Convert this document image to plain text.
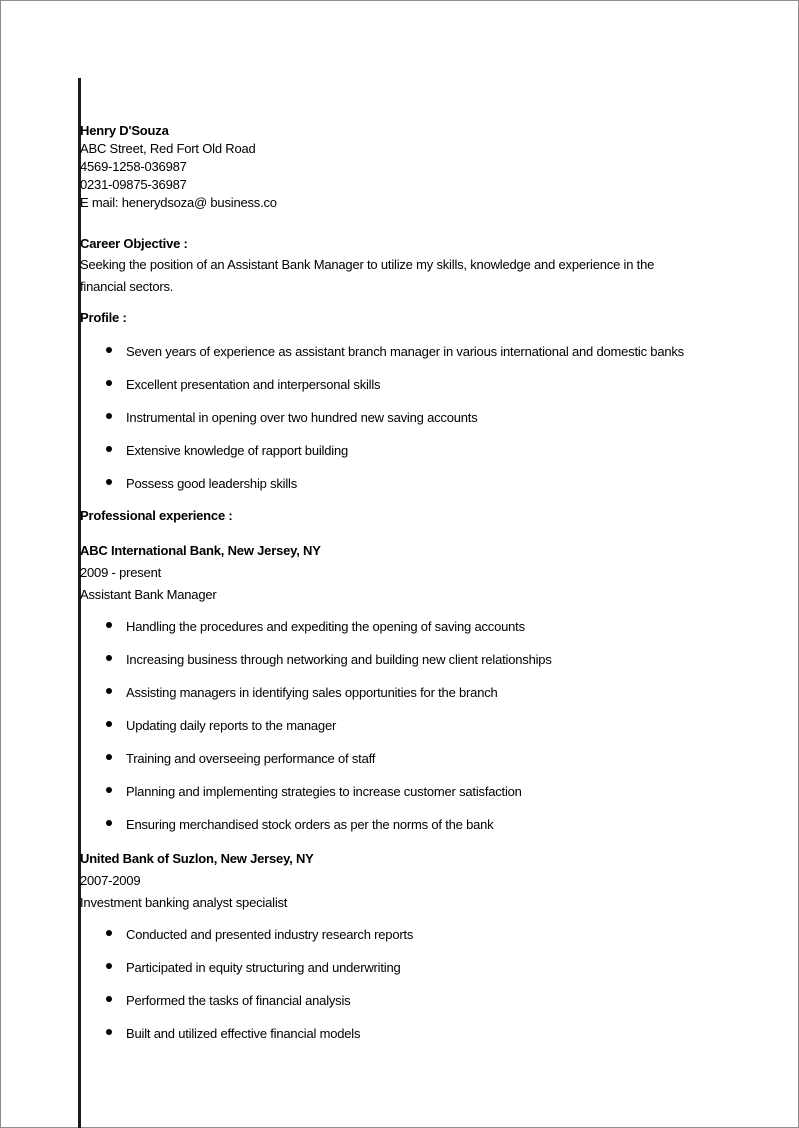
Henry D'Souza

ABC Street, Red Fort Old Road

4569-1258-036987

0231-09875-36987

E mail: henerydsoza@ business.co

Career Objective :

Seeking the position of an Assistant Bank Manager to utilize my skills, knowledge and experience in the

financial sectors.

Profile :

Seven years of experience as assistant branch manager in various international and domestic banks
Excellent presentation and interpersonal skills
Instrumental in opening over two hundred new saving accounts
Extensive knowledge of rapport building
Possess good leadership skills

Professional experience :

ABC International Bank, New Jersey, NY

2009 - present

Assistant Bank Manager

Handling the procedures and expediting the opening of saving accounts
Increasing business through networking and building new client relationships
Assisting managers in identifying sales opportunities for the branch
Updating daily reports to the manager
Training and overseeing performance of staff
Planning and implementing strategies to increase customer satisfaction
Ensuring merchandised stock orders as per the norms of the bank

United Bank of Suzlon, New Jersey, NY

2007-2009

Investment banking analyst specialist

Conducted and presented industry research reports
Participated in equity structuring and underwriting
Performed the tasks of financial analysis
Built and utilized effective financial models
